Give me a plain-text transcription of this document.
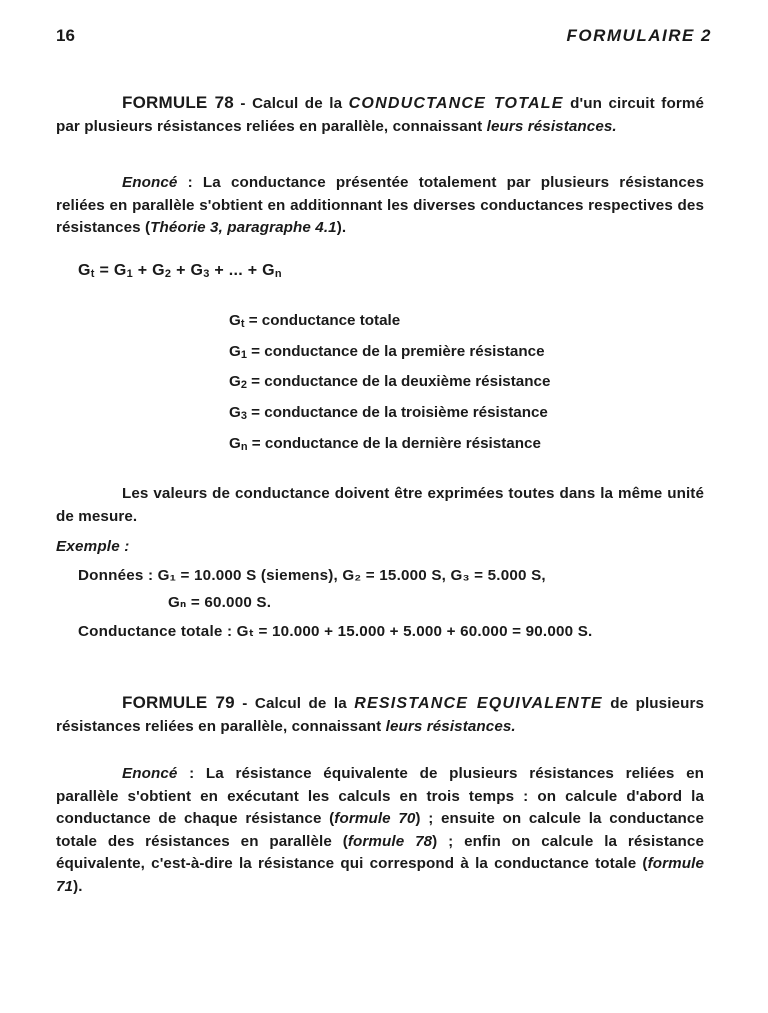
16	FORMULAIRE 2
FORMULE 78 - Calcul de la CONDUCTANCE TOTALE d'un circuit formé par plusieurs résistances reliées en parallèle, connaissant leurs résistances.
Enoncé : La conductance présentée totalement par plusieurs résistances reliées en parallèle s'obtient en additionnant les diverses conductances respectives des résistances (Théorie 3, paragraphe 4.1).
$G_t = G_1 + G_2 + G_3$ + ... + $G_n$
$G_t$ = conductance totale
$G_1$ = conductance de la première résistance
$G_2$ = conductance de la deuxième résistance
$G_3$ = conductance de la troisième résistance
$G_n$ = conductance de la dernière résistance
Les valeurs de conductance doivent être exprimées toutes dans la même unité de mesure.
Exemple :
Données : G₁ = 10.000 S (siemens), G₂ = 15.000 S, G₃ = 5.000 S,
Gₙ = 60.000 S.
Conductance totale : Gₜ = 10.000 + 15.000 + 5.000 + 60.000 = 90.000 S.
FORMULE 79 - Calcul de la RESISTANCE EQUIVALENTE de plusieurs résistances reliées en parallèle, connaissant leurs résistances.
Enoncé : La résistance équivalente de plusieurs résistances reliées en parallèle s'obtient en exécutant les calculs en trois temps : on calcule d'abord la conductance de chaque résistance (formule 70) ; ensuite on calcule la conductance totale des résistances en parallèle (formule 78) ; enfin on calcule la résistance équivalente, c'est-à-dire la résistance qui correspond à la conductance totale (formule 71).
